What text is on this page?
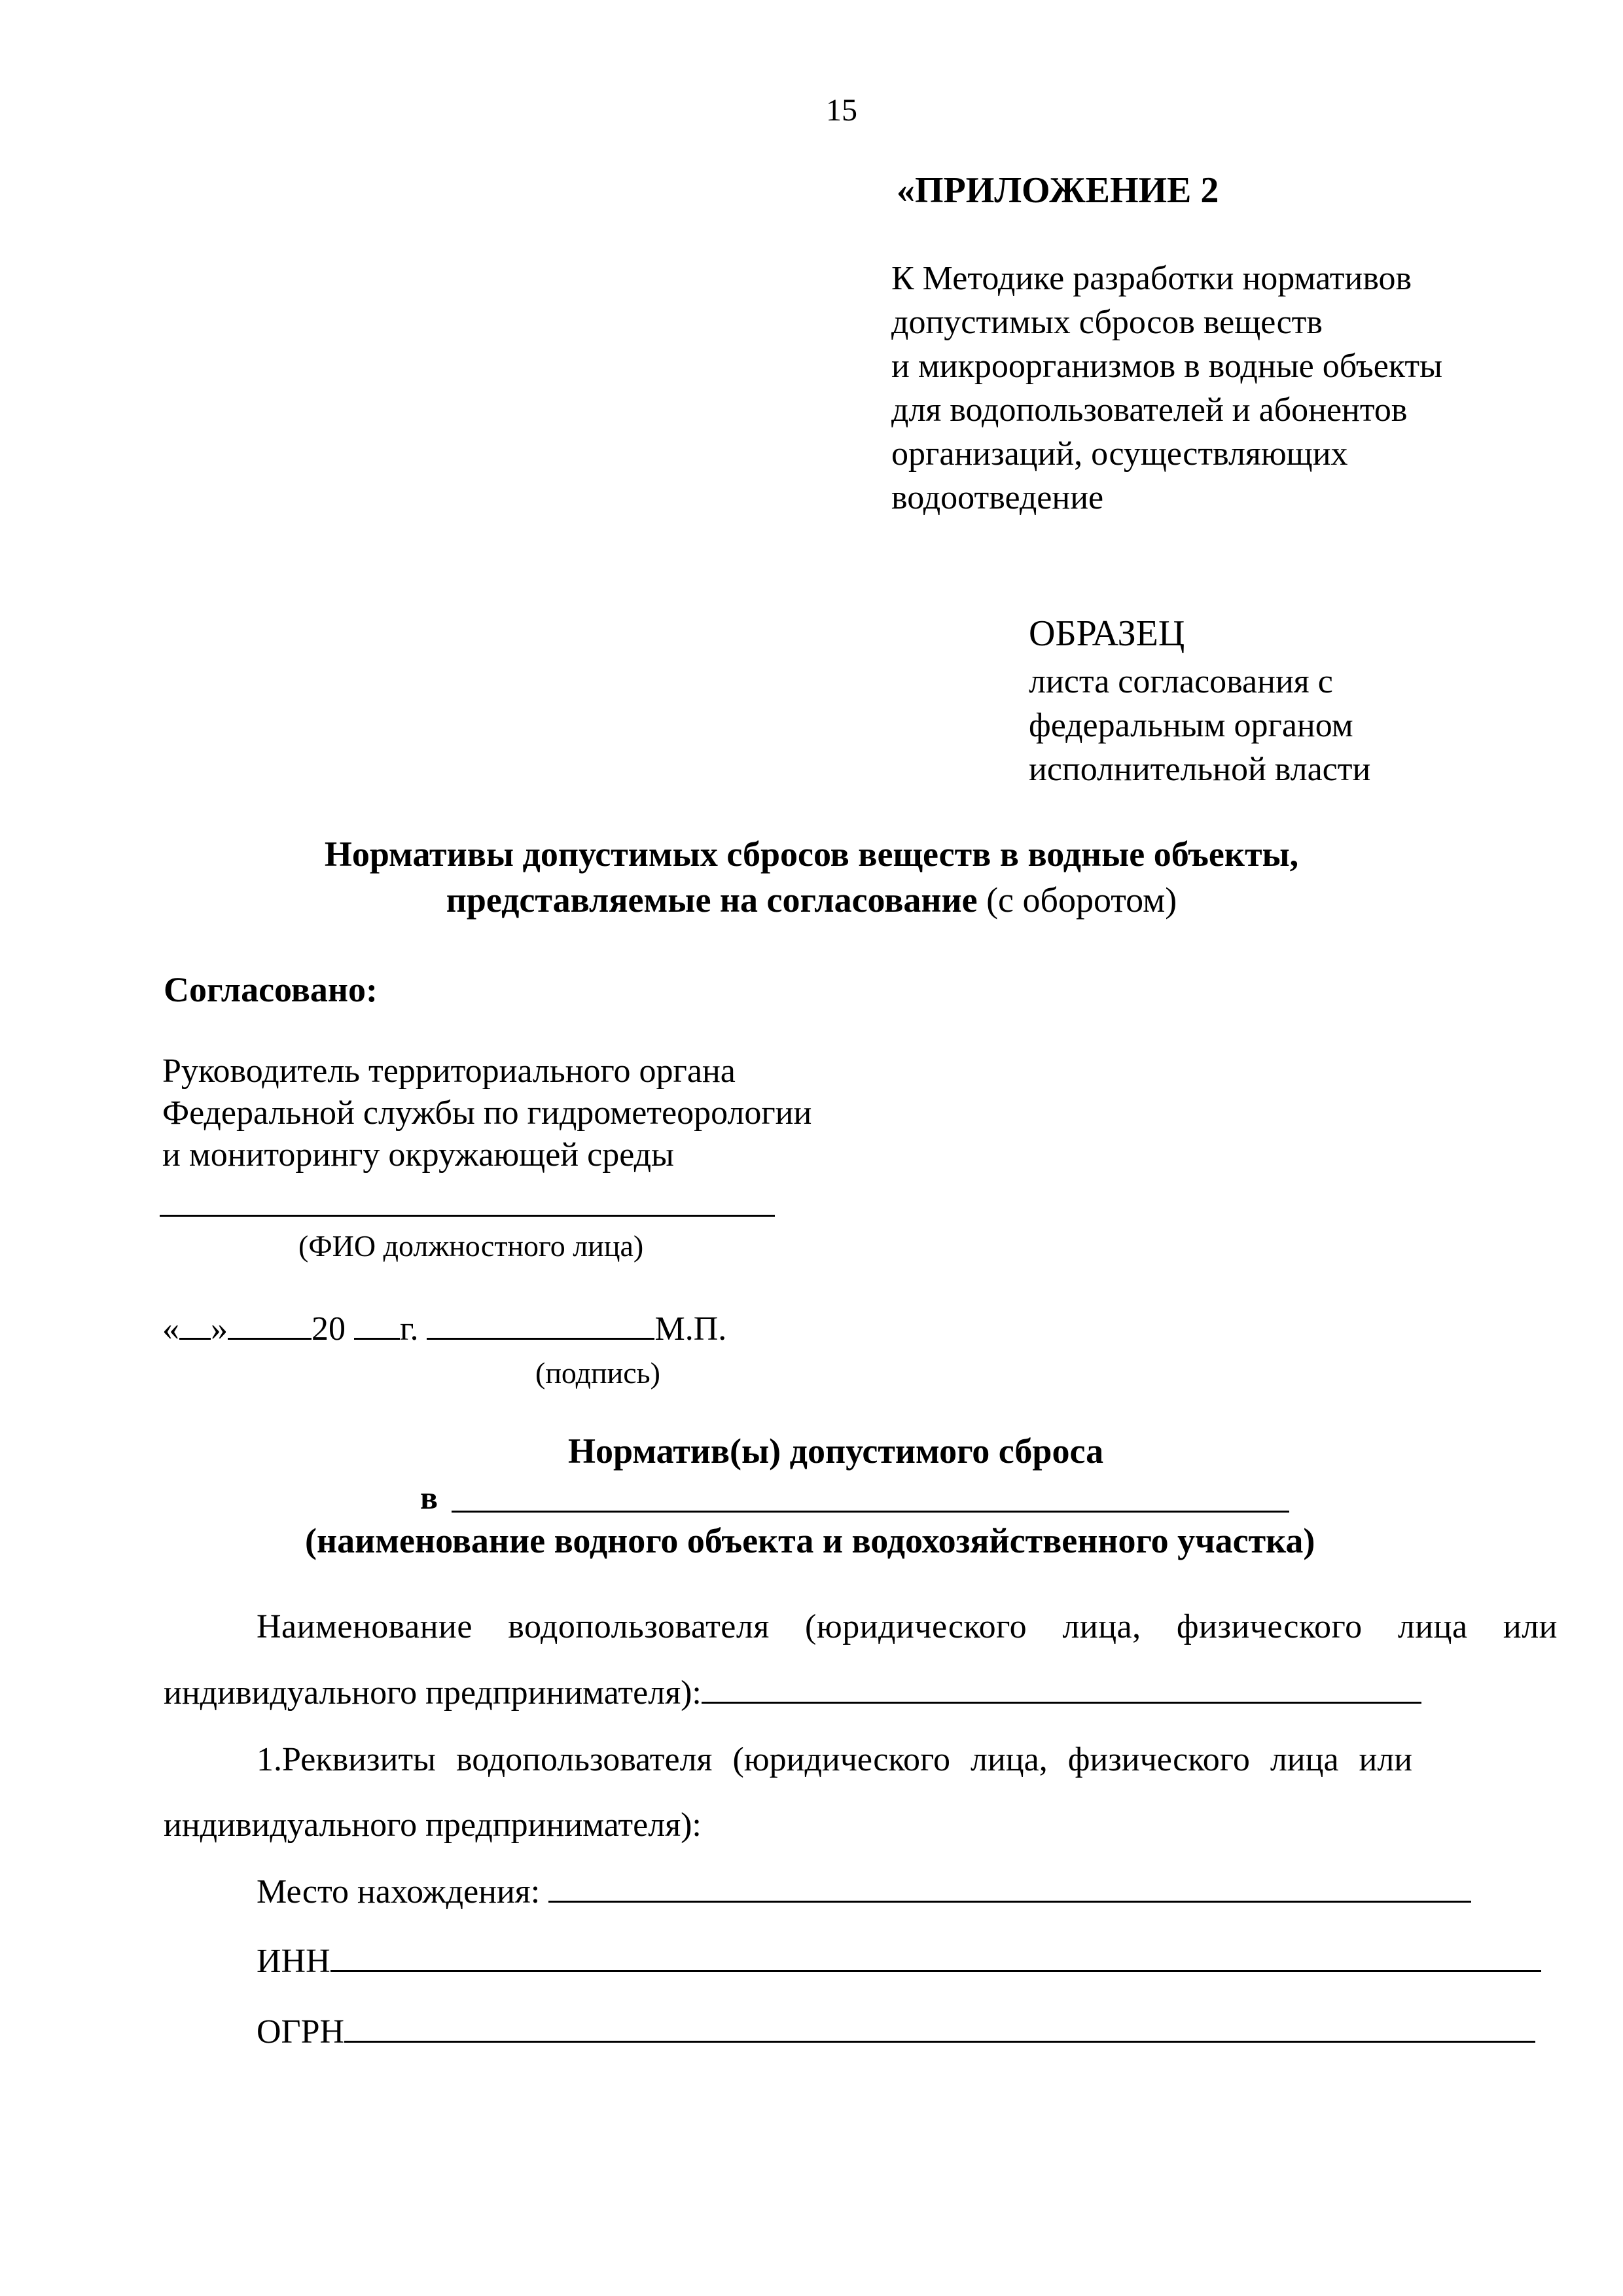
15
«ПРИЛОЖЕНИЕ 2
К Методике разработки нормативов
допустимых сбросов веществ
и микроорганизмов в водные объекты
для водопользователей и абонентов
организаций, осуществляющих
водоотведение
ОБРАЗЕЦ
листа согласования с
федеральным органом
исполнительной власти
Нормативы допустимых сбросов веществ в водные объекты,
представляемые на согласование (с оборотом)
Согласовано:
Руководитель территориального органа
Федеральной службы по гидрометеорологии
и мониторингу окружающей среды
(ФИО должностного лица)
« » 20 г.	М.П.
(подпись)
Норматив(ы) допустимого сброса
в
(наименование водного объекта и водохозяйственного участка)
Наименование водопользователя (юридического лица, физического лица или
индивидуального предпринимателя):
1.Реквизиты водопользователя (юридического лица, физического лица или
индивидуального предпринимателя):
Место нахождения:
ИНН
ОГРН
